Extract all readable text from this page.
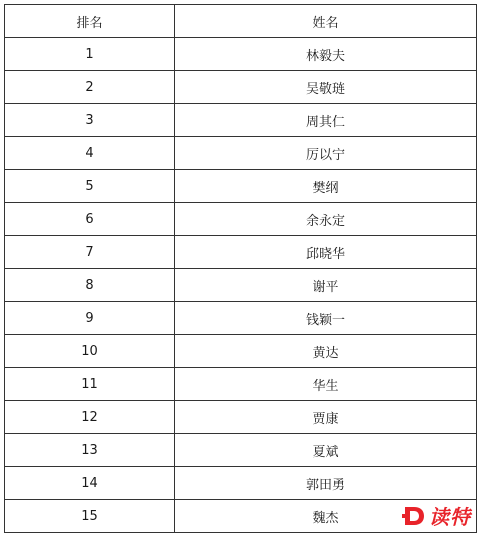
排名	姓名
1	林毅夫
2	吴敬琏
3	周其仁
4	厉以宁
5	樊纲
6	余永定
7	邱晓华
8	谢平
9	钱颖一
10	黄达
11	华生
12	贾康
13	夏斌
14	郭田勇
15	魏杰	读特
